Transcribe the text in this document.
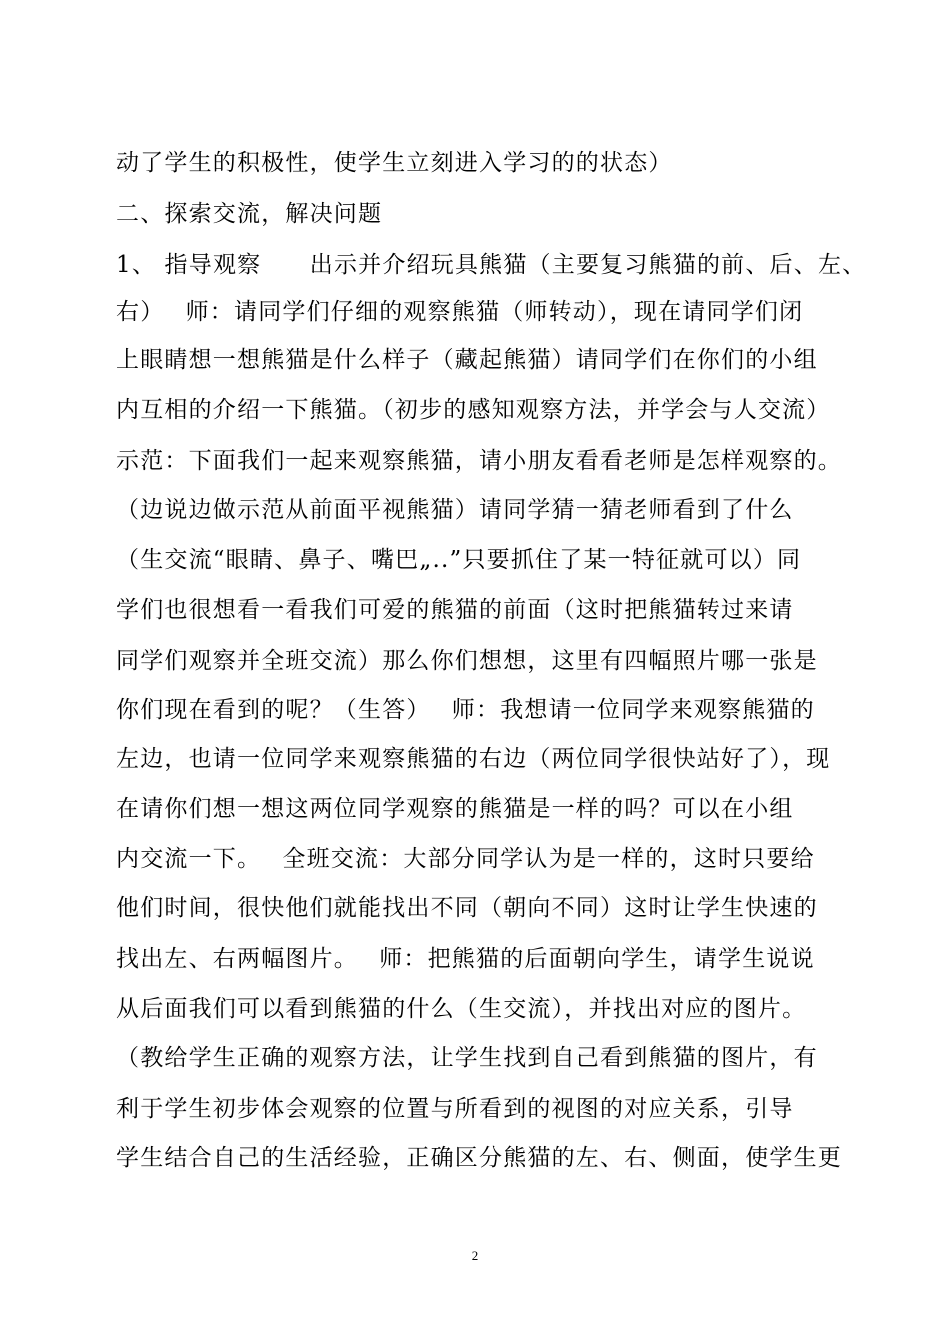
动了学生的积极性，使学生立刻进入学习的的状态）
二、探索交流，解决问题
1、 指导观察　　出示并介绍玩具熊猫（主要复习熊猫的前、后、左、
右）　 师：请同学们仔细的观察熊猫（师转动），现在请同学们闭
上眼睛想一想熊猫是什么样子（藏起熊猫）请同学们在你们的小组
内互相的介绍一下熊猫。（初步的感知观察方法，并学会与人交流）
示范：下面我们一起来观察熊猫，请小朋友看看老师是怎样观察的。
（边说边做示范从前面平视熊猫）请同学猜一猜老师看到了什么
（生交流“眼睛、鼻子、嘴巴„..”只要抓住了某一特征就可以）同
学们也很想看一看我们可爱的熊猫的前面（这时把熊猫转过来请
同学们观察并全班交流）那么你们想想，这里有四幅照片哪一张是
你们现在看到的呢？（生答）　 师：我想请一位同学来观察熊猫的
左边，也请一位同学来观察熊猫的右边（两位同学很快站好了），现
在请你们想一想这两位同学观察的熊猫是一样的吗？可以在小组
内交流一下。　 全班交流：大部分同学认为是一样的，这时只要给
他们时间，很快他们就能找出不同（朝向不同）这时让学生快速的
找出左、右两幅图片。　 师：把熊猫的后面朝向学生，请学生说说
从后面我们可以看到熊猫的什么（生交流），并找出对应的图片。
（教给学生正确的观察方法，让学生找到自己看到熊猫的图片，有
利于学生初步体会观察的位置与所看到的视图的对应关系，引导
学生结合自己的生活经验，正确区分熊猫的左、右、侧面，使学生更
2
